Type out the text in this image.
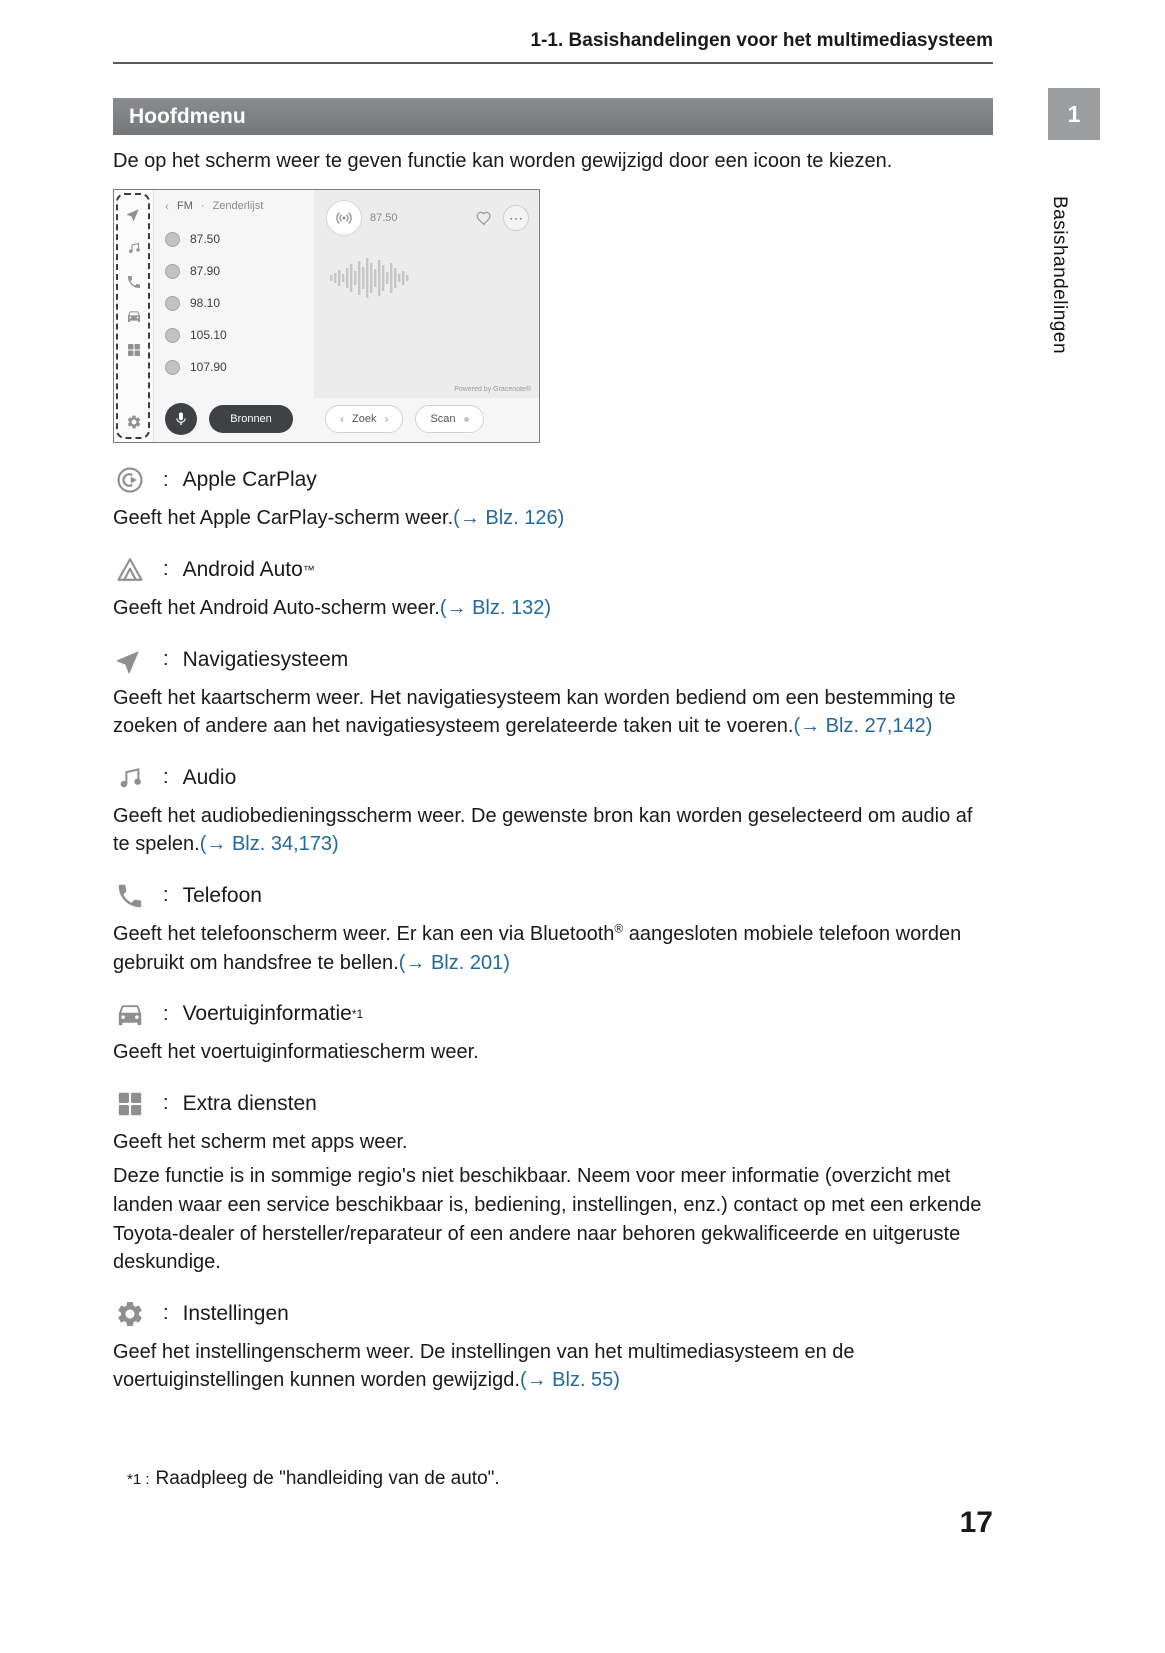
1-1. Basishandelingen voor het multimediasysteem
1
Basishandelingen
Hoofdmenu

De op het scherm weer te geven functie kan worden gewijzigd door een icoon te kiezen.

‹ FM · Zenderlijst
87.50
87.90
98.10
105.10
107.90
87.50	⋯
Powered by Gracenote®
Bronnen	‹ Zoek ›	Scan
: Apple CarPlay

Geeft het Apple CarPlay-scherm weer.(→ Blz. 126)

: Android Auto ™

Geeft het Android Auto-scherm weer.(→ Blz. 132)

: Navigatiesysteem

Geeft het kaartscherm weer. Het navigatiesysteem kan worden bediend om een bestemming te zoeken of andere aan het navigatiesysteem gerelateerde taken uit te voeren.(→ Blz. 27,142)

: Audio

Geeft het audiobedieningsscherm weer. De gewenste bron kan worden geselecteerd om audio af te spelen.(→ Blz. 34,173)

: Telefoon

Geeft het telefoonscherm weer. Er kan een via Bluetooth® aangesloten mobiele telefoon worden gebruikt om handsfree te bellen.(→ Blz. 201)

: Voertuiginformatie *1

Geeft het voertuiginformatiescherm weer.

: Extra diensten

Geeft het scherm met apps weer.

Deze functie is in sommige regio's niet beschikbaar. Neem voor meer informatie (overzicht met landen waar een service beschikbaar is, bediening, instellingen, enz.) contact op met een erkende Toyota-dealer of hersteller/reparateur of een andere naar behoren gekwalificeerde en uitgeruste deskundige.

: Instellingen

Geef het instellingenscherm weer. De instellingen van het multimediasysteem en de voertuiginstellingen kunnen worden gewijzigd.(→ Blz. 55)

*1 : Raadpleeg de "handleiding van de auto".
17
